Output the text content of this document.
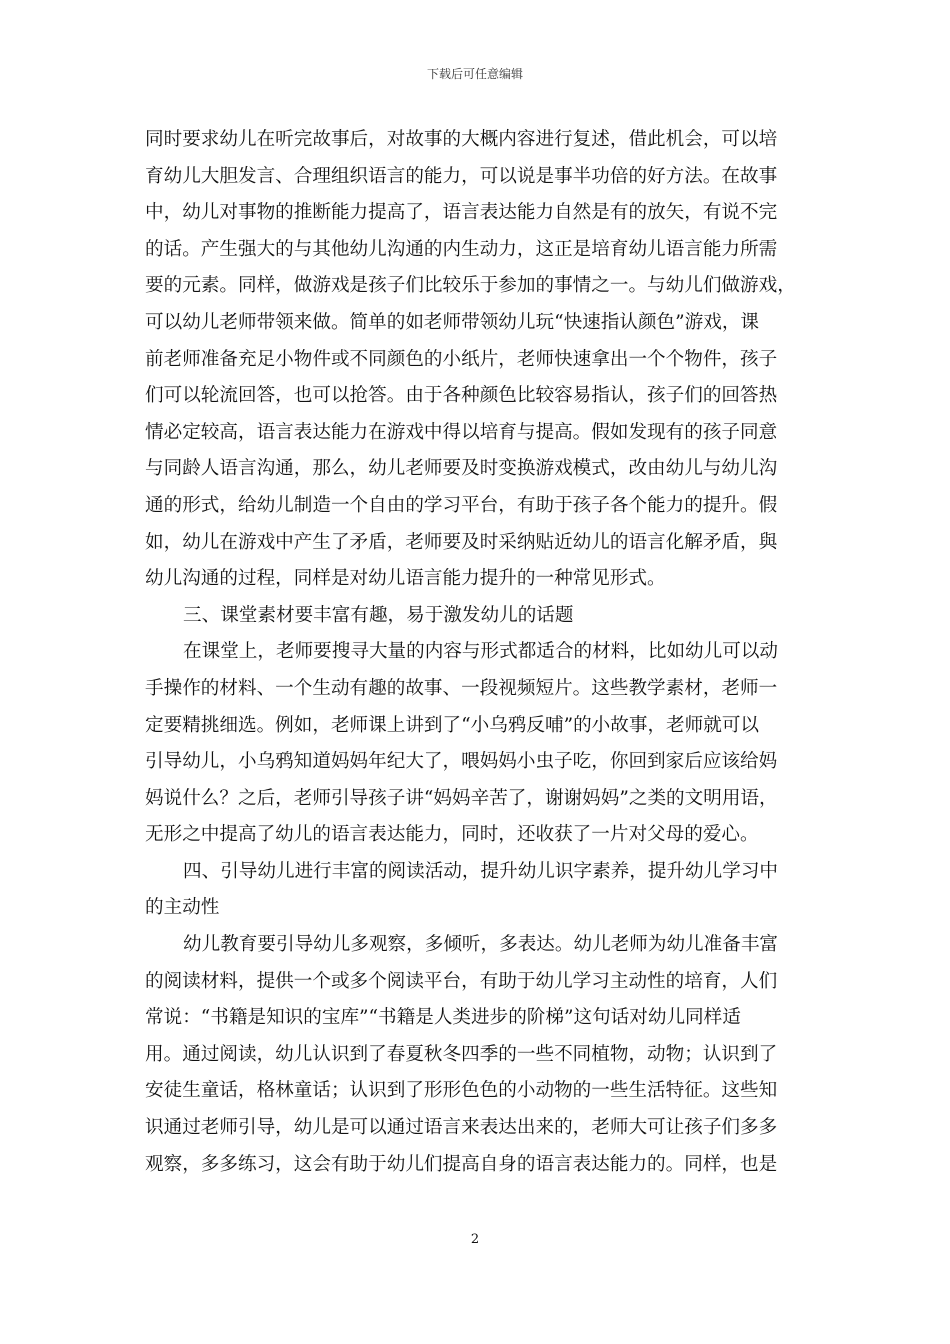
下载后可任意编辑
同时要求幼儿在听完故事后，对故事的大概内容进行复述，借此机会，可以培
育幼儿大胆发言、合理组织语言的能力，可以说是事半功倍的好方法。在故事
中，幼儿对事物的推断能力提高了，语言表达能力自然是有的放矢，有说不完
的话。产生强大的与其他幼儿沟通的内生动力，这正是培育幼儿语言能力所需
要的元素。同样，做游戏是孩子们比较乐于参加的事情之一。与幼儿们做游戏，
可以幼儿老师带领来做。简单的如老师带领幼儿玩“快速指认颜色”游戏，课
前老师准备充足小物件或不同颜色的小纸片，老师快速拿出一个个物件，孩子
们可以轮流回答，也可以抢答。由于各种颜色比较容易指认，孩子们的回答热
情必定较高，语言表达能力在游戏中得以培育与提高。假如发现有的孩子同意
与同龄人语言沟通，那么，幼儿老师要及时变换游戏模式，改由幼儿与幼儿沟
通的形式，给幼儿制造一个自由的学习平台，有助于孩子各个能力的提升。假
如，幼儿在游戏中产生了矛盾，老师要及时采纳贴近幼儿的语言化解矛盾，與
幼儿沟通的过程，同样是对幼儿语言能力提升的一种常见形式。
三、课堂素材要丰富有趣，易于激发幼儿的话题
在课堂上，老师要搜寻大量的内容与形式都适合的材料，比如幼儿可以动
手操作的材料、一个生动有趣的故事、一段视频短片。这些教学素材，老师一
定要精挑细选。例如，老师课上讲到了“小乌鸦反哺”的小故事，老师就可以
引导幼儿，小乌鸦知道妈妈年纪大了，喂妈妈小虫子吃，你回到家后应该给妈
妈说什么？之后，老师引导孩子讲“妈妈辛苦了，谢谢妈妈”之类的文明用语，
无形之中提高了幼儿的语言表达能力，同时，还收获了一片对父母的爱心。
四、引导幼儿进行丰富的阅读活动，提升幼儿识字素养，提升幼儿学习中
的主动性
幼儿教育要引导幼儿多观察，多倾听，多表达。幼儿老师为幼儿准备丰富
的阅读材料，提供一个或多个阅读平台，有助于幼儿学习主动性的培育，人们
常说：“书籍是知识的宝库”“书籍是人类进步的阶梯”这句话对幼儿同样适
用。通过阅读，幼儿认识到了春夏秋冬四季的一些不同植物，动物；认识到了
安徒生童话，格林童话；认识到了形形色色的小动物的一些生活特征。这些知
识通过老师引导，幼儿是可以通过语言来表达出来的，老师大可让孩子们多多
观察，多多练习，这会有助于幼儿们提高自身的语言表达能力的。同样，也是
2
